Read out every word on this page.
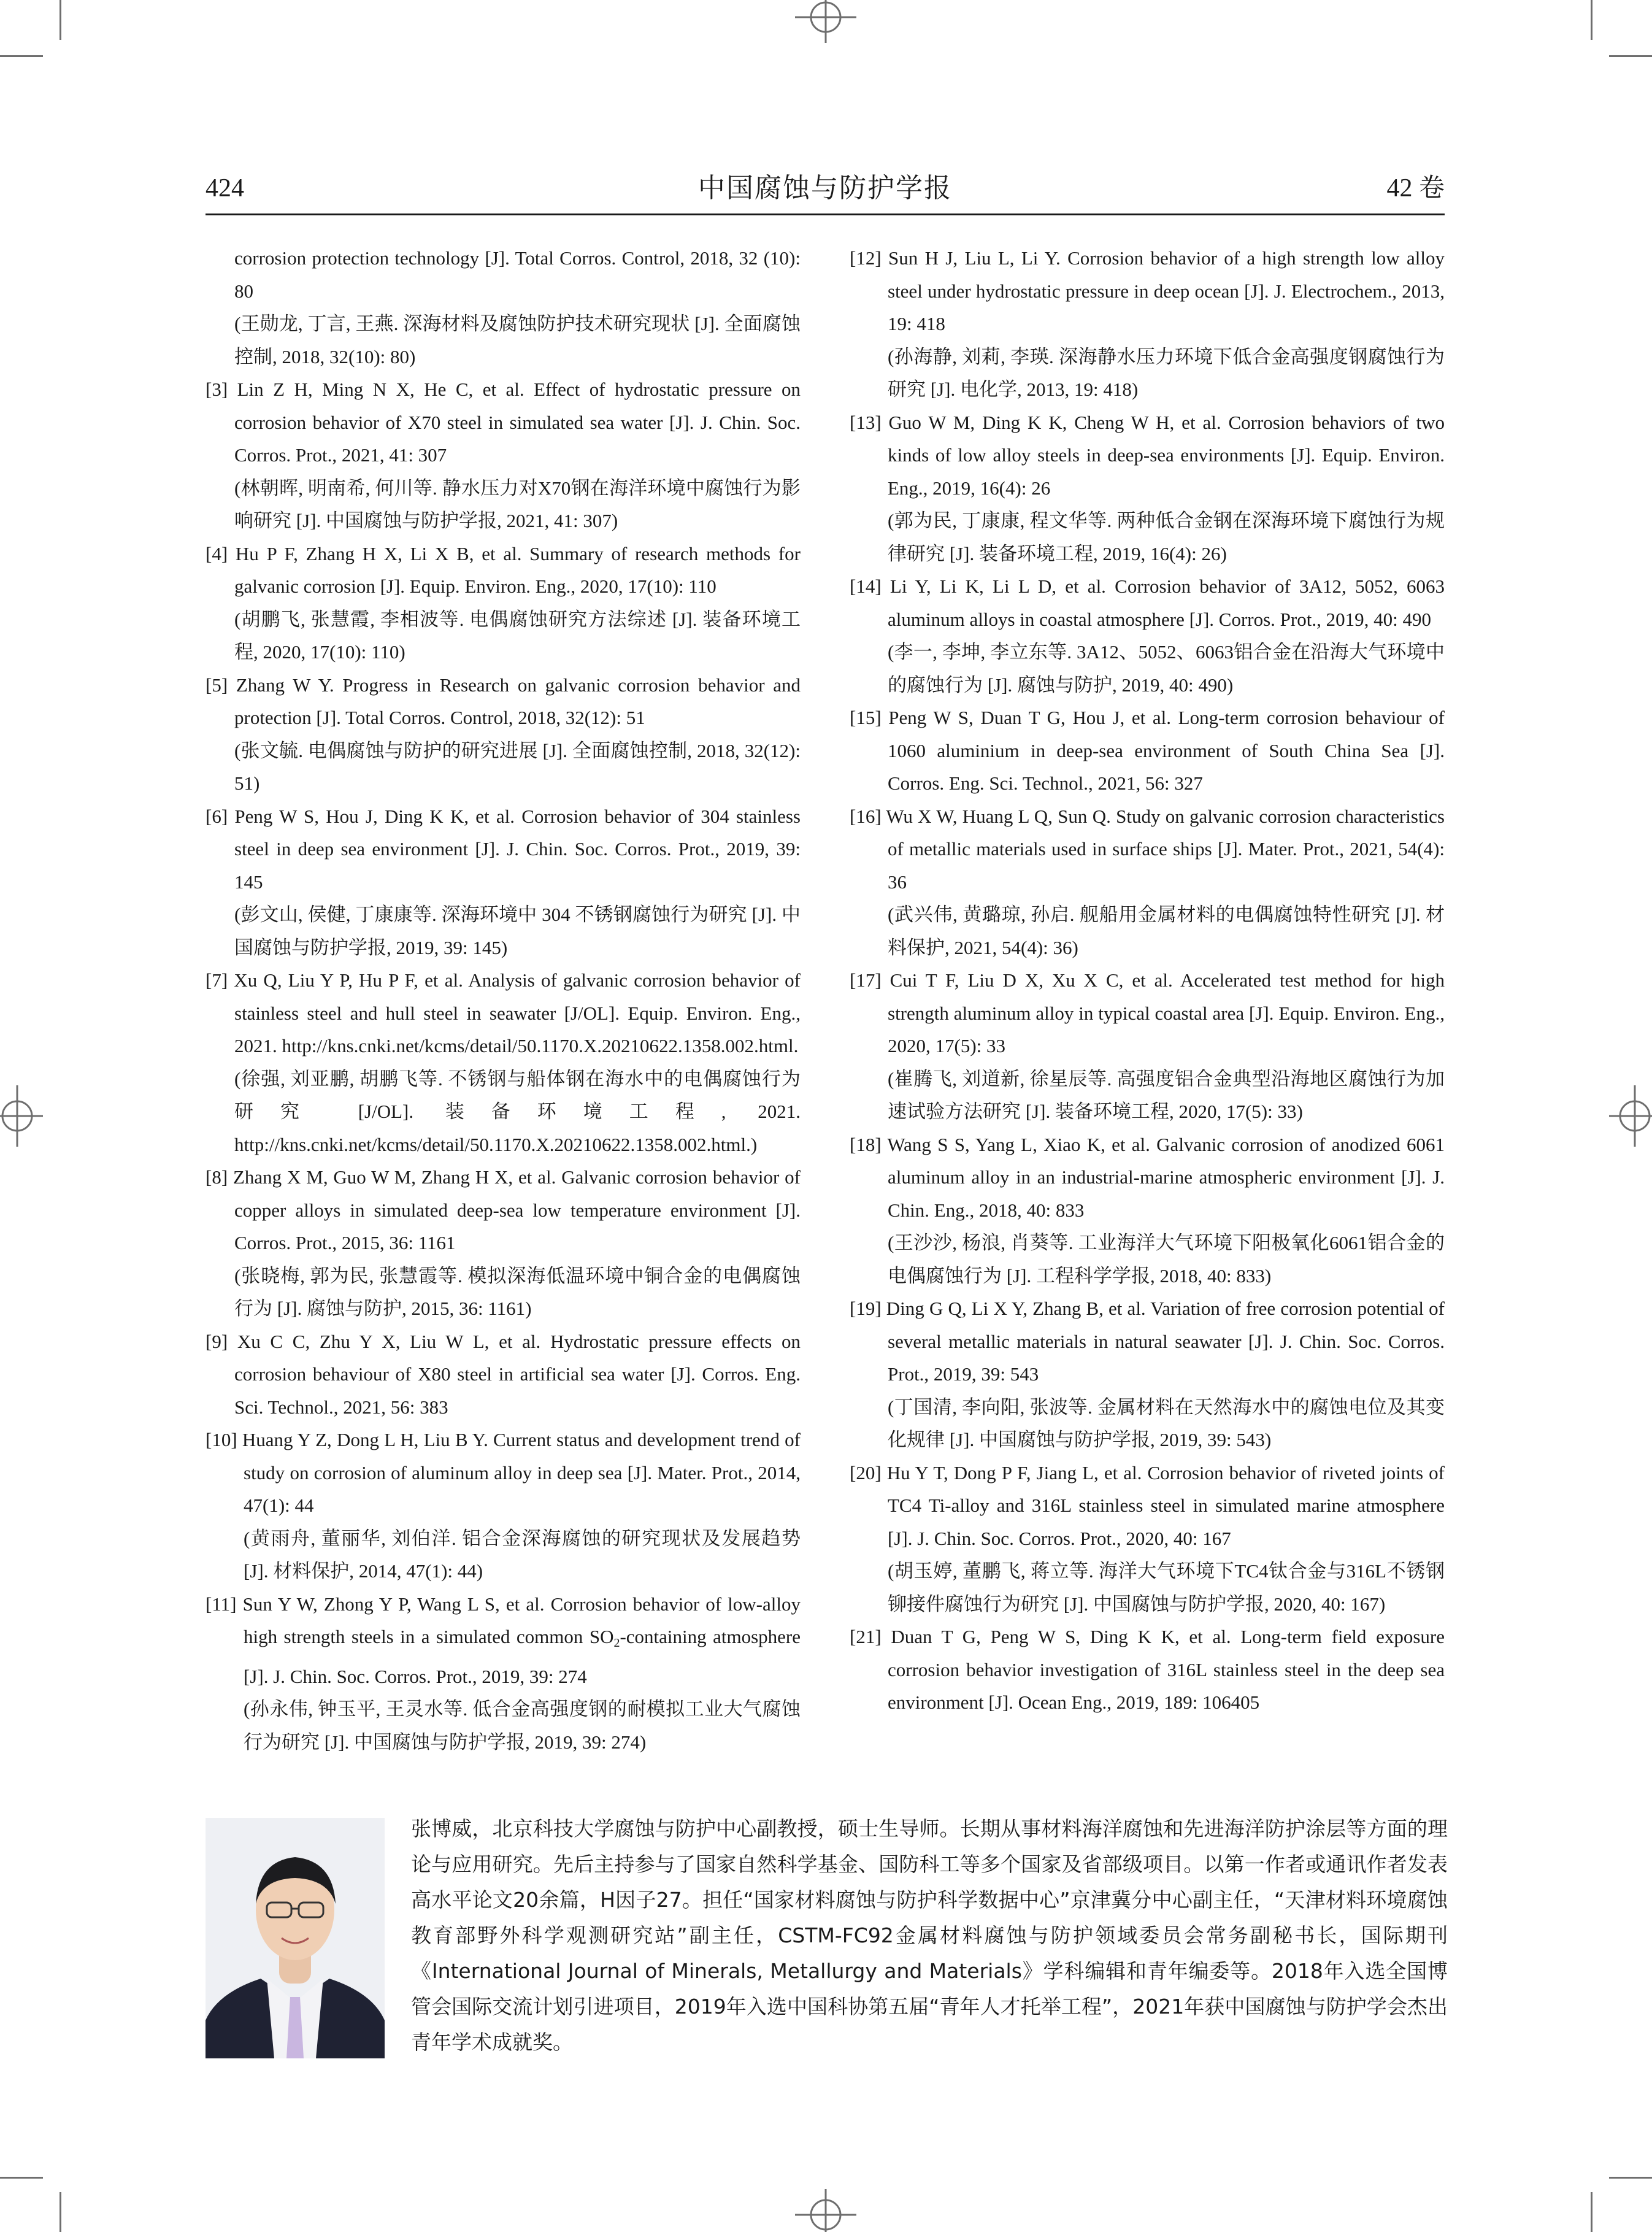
424	中国腐蚀与防护学报	42 卷
corrosion protection technology [J]. Total Corros. Control, 2018, 32 (10): 80
(王勋龙, 丁言, 王燕. 深海材料及腐蚀防护技术研究现状 [J]. 全面腐蚀控制, 2018, 32(10): 80)
[3] Lin Z H, Ming N X, He C, et al. Effect of hydrostatic pressure on corrosion behavior of X70 steel in simulated sea water [J]. J. Chin. Soc. Corros. Prot., 2021, 41: 307
(林朝晖, 明南希, 何川等. 静水压力对X70钢在海洋环境中腐蚀行为影响研究 [J]. 中国腐蚀与防护学报, 2021, 41: 307)
[4] Hu P F, Zhang H X, Li X B, et al. Summary of research methods for galvanic corrosion [J]. Equip. Environ. Eng., 2020, 17(10): 110
(胡鹏飞, 张慧霞, 李相波等. 电偶腐蚀研究方法综述 [J]. 装备环境工程, 2020, 17(10): 110)
[5] Zhang W Y. Progress in Research on galvanic corrosion behavior and protection [J]. Total Corros. Control, 2018, 32(12): 51
(张文毓. 电偶腐蚀与防护的研究进展 [J]. 全面腐蚀控制, 2018, 32(12): 51)
[6] Peng W S, Hou J, Ding K K, et al. Corrosion behavior of 304 stainless steel in deep sea environment [J]. J. Chin. Soc. Corros. Prot., 2019, 39: 145
(彭文山, 侯健, 丁康康等. 深海环境中 304 不锈钢腐蚀行为研究 [J]. 中国腐蚀与防护学报, 2019, 39: 145)
[7] Xu Q, Liu Y P, Hu P F, et al. Analysis of galvanic corrosion behavior of stainless steel and hull steel in seawater [J/OL]. Equip. Environ. Eng., 2021. http://kns.cnki.net/kcms/detail/50.1170.X.20210622.1358.002.html.
(徐强, 刘亚鹏, 胡鹏飞等. 不锈钢与船体钢在海水中的电偶腐蚀行为研究 [J/OL]. 装备环境工程, 2021. http://kns.cnki.net/kcms/detail/50.1170.X.20210622.1358.002.html.)
[8] Zhang X M, Guo W M, Zhang H X, et al. Galvanic corrosion behavior of copper alloys in simulated deep-sea low temperature environment [J]. Corros. Prot., 2015, 36: 1161
(张晓梅, 郭为民, 张慧霞等. 模拟深海低温环境中铜合金的电偶腐蚀行为 [J]. 腐蚀与防护, 2015, 36: 1161)
[9] Xu C C, Zhu Y X, Liu W L, et al. Hydrostatic pressure effects on corrosion behaviour of X80 steel in artificial sea water [J]. Corros. Eng. Sci. Technol., 2021, 56: 383
[10] Huang Y Z, Dong L H, Liu B Y. Current status and development trend of study on corrosion of aluminum alloy in deep sea [J]. Mater. Prot., 2014, 47(1): 44
(黄雨舟, 董丽华, 刘伯洋. 铝合金深海腐蚀的研究现状及发展趋势 [J]. 材料保护, 2014, 47(1): 44)
[11] Sun Y W, Zhong Y P, Wang L S, et al. Corrosion behavior of low-alloy high strength steels in a simulated common $SO_2$-containing atmosphere [J]. J. Chin. Soc. Corros. Prot., 2019, 39: 274
(孙永伟, 钟玉平, 王灵水等. 低合金高强度钢的耐模拟工业大气腐蚀行为研究 [J]. 中国腐蚀与防护学报, 2019, 39: 274)
[12] Sun H J, Liu L, Li Y. Corrosion behavior of a high strength low alloy steel under hydrostatic pressure in deep ocean [J]. J. Electrochem., 2013, 19: 418
(孙海静, 刘莉, 李瑛. 深海静水压力环境下低合金高强度钢腐蚀行为研究 [J]. 电化学, 2013, 19: 418)
[13] Guo W M, Ding K K, Cheng W H, et al. Corrosion behaviors of two kinds of low alloy steels in deep-sea environments [J]. Equip. Environ. Eng., 2019, 16(4): 26
(郭为民, 丁康康, 程文华等. 两种低合金钢在深海环境下腐蚀行为规律研究 [J]. 装备环境工程, 2019, 16(4): 26)
[14] Li Y, Li K, Li L D, et al. Corrosion behavior of 3A12, 5052, 6063 aluminum alloys in coastal atmosphere [J]. Corros. Prot., 2019, 40: 490
(李一, 李坤, 李立东等. 3A12、5052、6063铝合金在沿海大气环境中的腐蚀行为 [J]. 腐蚀与防护, 2019, 40: 490)
[15] Peng W S, Duan T G, Hou J, et al. Long-term corrosion behaviour of 1060 aluminium in deep-sea environment of South China Sea [J]. Corros. Eng. Sci. Technol., 2021, 56: 327
[16] Wu X W, Huang L Q, Sun Q. Study on galvanic corrosion characteristics of metallic materials used in surface ships [J]. Mater. Prot., 2021, 54(4): 36
(武兴伟, 黄璐琼, 孙启. 舰船用金属材料的电偶腐蚀特性研究 [J]. 材料保护, 2021, 54(4): 36)
[17] Cui T F, Liu D X, Xu X C, et al. Accelerated test method for high strength aluminum alloy in typical coastal area [J]. Equip. Environ. Eng., 2020, 17(5): 33
(崔腾飞, 刘道新, 徐星辰等. 高强度铝合金典型沿海地区腐蚀行为加速试验方法研究 [J]. 装备环境工程, 2020, 17(5): 33)
[18] Wang S S, Yang L, Xiao K, et al. Galvanic corrosion of anodized 6061 aluminum alloy in an industrial-marine atmospheric environment [J]. J. Chin. Eng., 2018, 40: 833
(王沙沙, 杨浪, 肖葵等. 工业海洋大气环境下阳极氧化6061铝合金的电偶腐蚀行为 [J]. 工程科学学报, 2018, 40: 833)
[19] Ding G Q, Li X Y, Zhang B, et al. Variation of free corrosion potential of several metallic materials in natural seawater [J]. J. Chin. Soc. Corros. Prot., 2019, 39: 543
(丁国清, 李向阳, 张波等. 金属材料在天然海水中的腐蚀电位及其变化规律 [J]. 中国腐蚀与防护学报, 2019, 39: 543)
[20] Hu Y T, Dong P F, Jiang L, et al. Corrosion behavior of riveted joints of TC4 Ti-alloy and 316L stainless steel in simulated marine atmosphere [J]. J. Chin. Soc. Corros. Prot., 2020, 40: 167
(胡玉婷, 董鹏飞, 蒋立等. 海洋大气环境下TC4钛合金与316L不锈钢铆接件腐蚀行为研究 [J]. 中国腐蚀与防护学报, 2020, 40: 167)
[21] Duan T G, Peng W S, Ding K K, et al. Long-term field exposure corrosion behavior investigation of 316L stainless steel in the deep sea environment [J]. Ocean Eng., 2019, 189: 106405
张博威，北京科技大学腐蚀与防护中心副教授，硕士生导师。长期从事材料海洋腐蚀和先进海洋防护涂层等方面的理论与应用研究。先后主持参与了国家自然科学基金、国防科工等多个国家及省部级项目。以第一作者或通讯作者发表高水平论文20余篇，H因子27。担任“国家材料腐蚀与防护科学数据中心”京津冀分中心副主任，“天津材料环境腐蚀教育部野外科学观测研究站”副主任，CSTM-FC92金属材料腐蚀与防护领域委员会常务副秘书长，国际期刊《International Journal of Minerals, Metallurgy and Materials》学科编辑和青年编委等。2018年入选全国博管会国际交流计划引进项目，2019年入选中国科协第五届“青年人才托举工程”，2021年获中国腐蚀与防护学会杰出青年学术成就奖。
